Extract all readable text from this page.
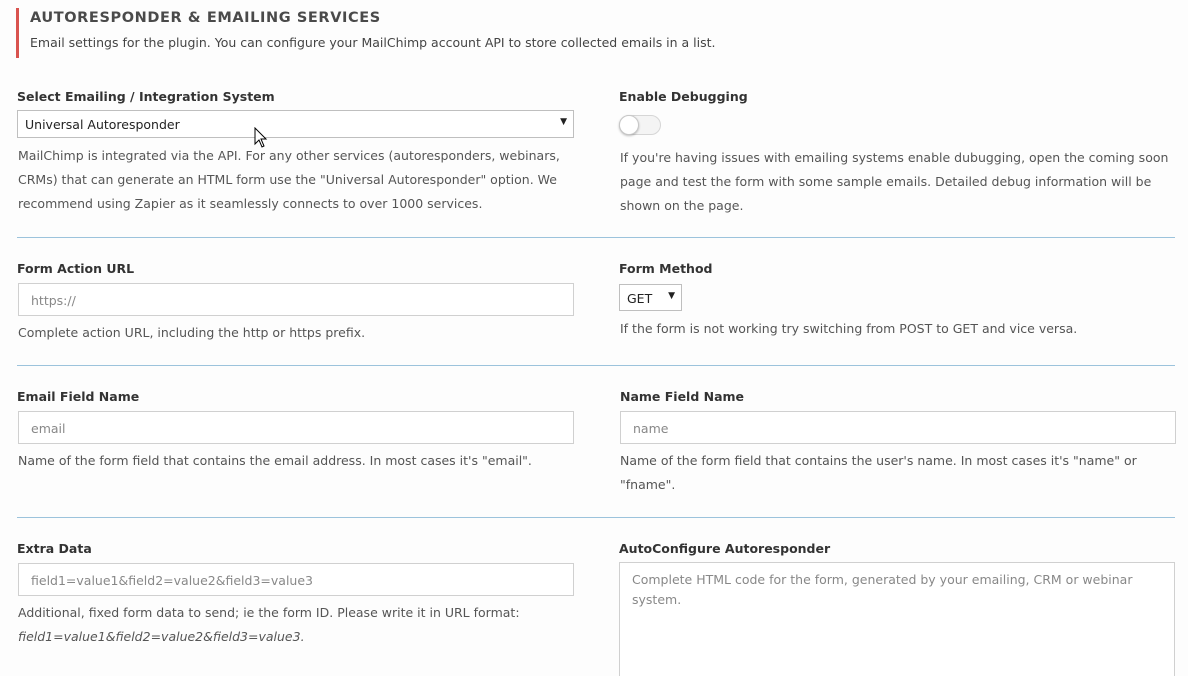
AUTORESPONDER & EMAILING SERVICES
Email settings for the plugin. You can configure your MailChimp account API to store collected emails in a list.
Select Emailing / Integration System
Universal Autoresponder	▼
MailChimp is integrated via the API. For any other services (autoresponders, webinars,
CRMs) that can generate an HTML form use the "Universal Autoresponder" option. We
recommend using Zapier as it seamlessly connects to over 1000 services.
Enable Debugging
If you're having issues with emailing systems enable dubugging, open the coming soon
page and test the form with some sample emails. Detailed debug information will be
shown on the page.
Form Action URL
https://
Complete action URL, including the http or https prefix.
Form Method
GET ▼
If the form is not working try switching from POST to GET and vice versa.
Email Field Name
email
Name of the form field that contains the email address. In most cases it's "email".
Name Field Name
name
Name of the form field that contains the user's name. In most cases it's "name" or
"fname".
Extra Data
field1=value1&field2=value2&field3=value3
Additional, fixed form data to send; ie the form ID. Please write it in URL format:
field1=value1&field2=value2&field3=value3.
AutoConfigure Autoresponder
Complete HTML code for the form, generated by your emailing, CRM or webinar
system.
